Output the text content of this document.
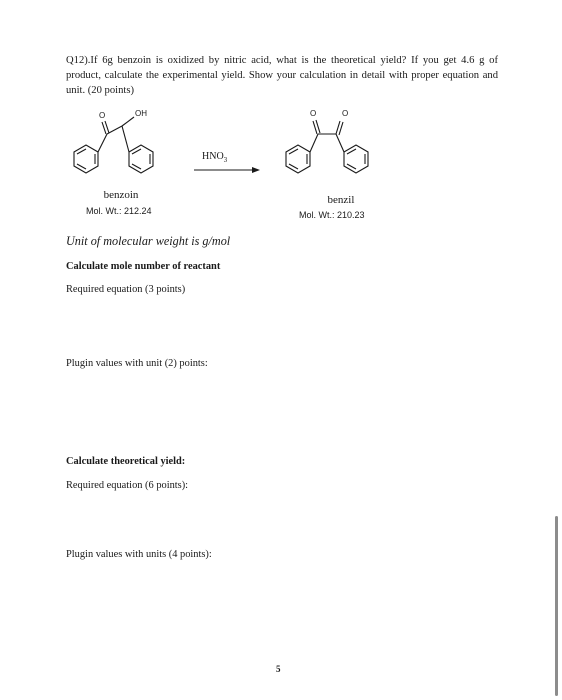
Q12).If 6g benzoin is oxidized by nitric acid, what is the theoretical yield? If you get 4.6 g of product, calculate the experimental yield. Show your calculation in detail with proper equation and unit. (20 points)
O	OH
benzoin
Mol. Wt.: 212.24
$HNO_3$
O	O
benzil
Mol. Wt.: 210.23
Unit of molecular weight is g/mol
Calculate mole number of reactant
Required equation (3 points)
Plugin values with unit (2) points:
Calculate theoretical yield:
Required equation (6 points):
Plugin values with units (4 points):
5
